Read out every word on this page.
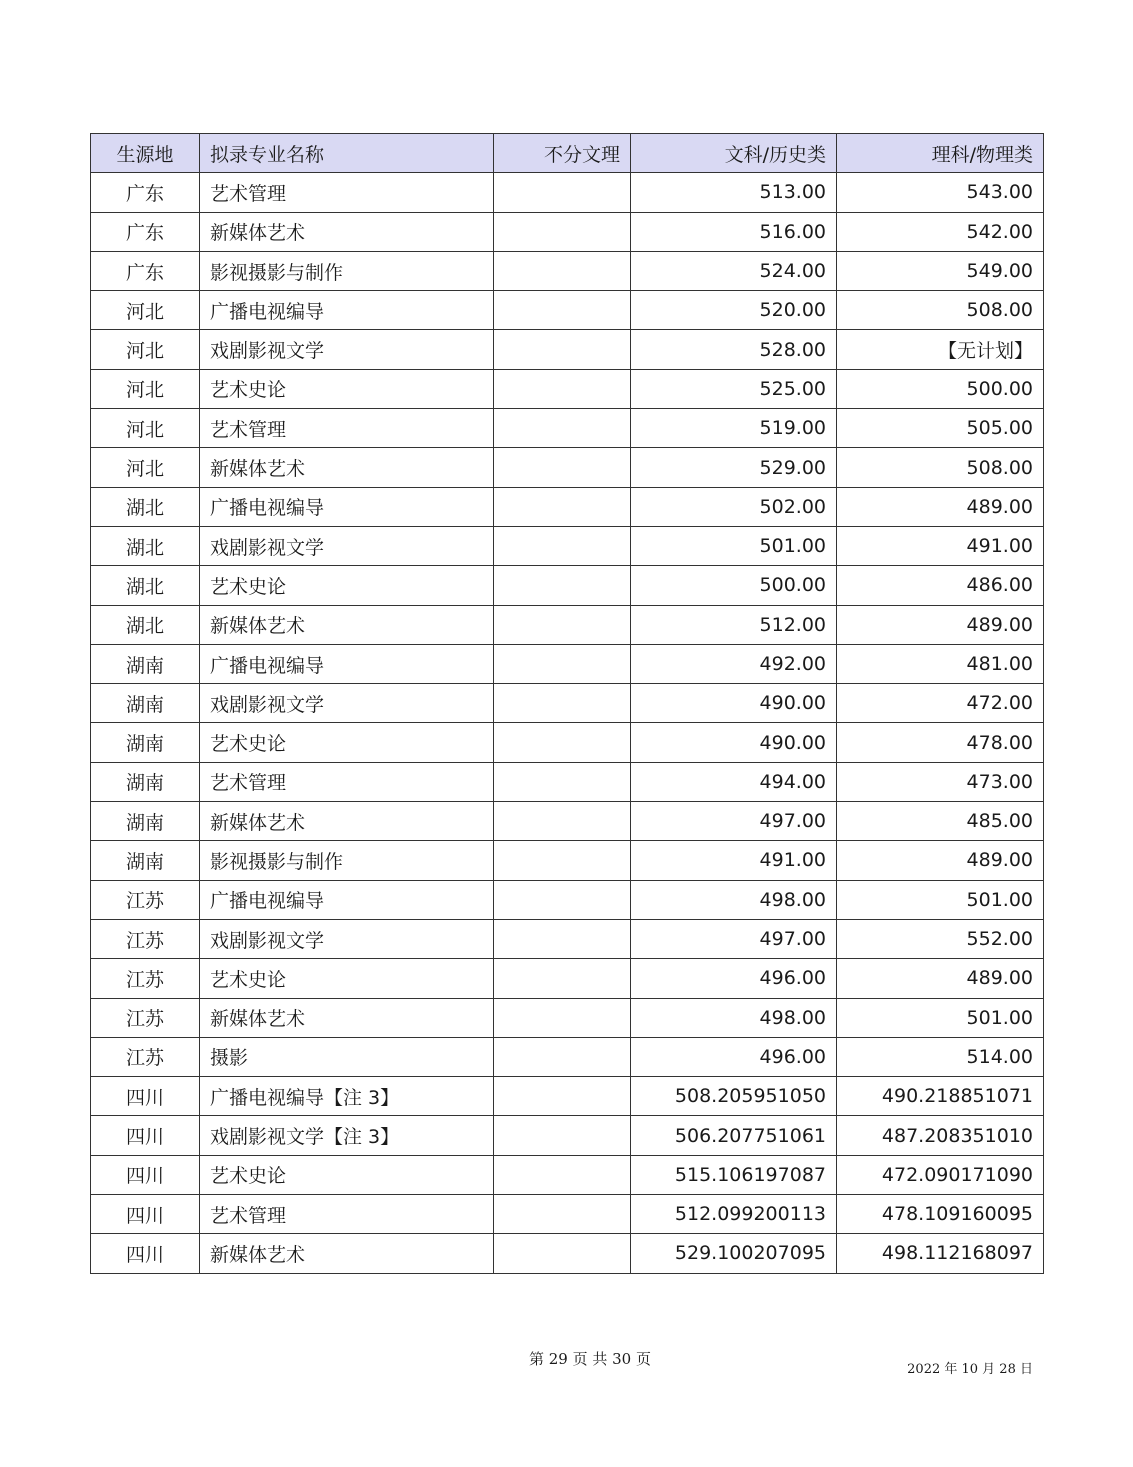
生源地	拟录专业名称	不分文理	文科/历史类	理科/物理类
广东	艺术管理		513.00	543.00
广东	新媒体艺术		516.00	542.00
广东	影视摄影与制作		524.00	549.00
河北	广播电视编导		520.00	508.00
河北	戏剧影视文学		528.00	【无计划】
河北	艺术史论		525.00	500.00
河北	艺术管理		519.00	505.00
河北	新媒体艺术		529.00	508.00
湖北	广播电视编导		502.00	489.00
湖北	戏剧影视文学		501.00	491.00
湖北	艺术史论		500.00	486.00
湖北	新媒体艺术		512.00	489.00
湖南	广播电视编导		492.00	481.00
湖南	戏剧影视文学		490.00	472.00
湖南	艺术史论		490.00	478.00
湖南	艺术管理		494.00	473.00
湖南	新媒体艺术		497.00	485.00
湖南	影视摄影与制作		491.00	489.00
江苏	广播电视编导		498.00	501.00
江苏	戏剧影视文学		497.00	552.00
江苏	艺术史论		496.00	489.00
江苏	新媒体艺术		498.00	501.00
江苏	摄影		496.00	514.00
四川	广播电视编导【注 3】		508.205951050	490.218851071
四川	戏剧影视文学【注 3】		506.207751061	487.208351010
四川	艺术史论		515.106197087	472.090171090
四川	艺术管理		512.099200113	478.109160095
四川	新媒体艺术		529.100207095	498.112168097
第 29 页 共 30 页
2022 年 10 月 28 日
